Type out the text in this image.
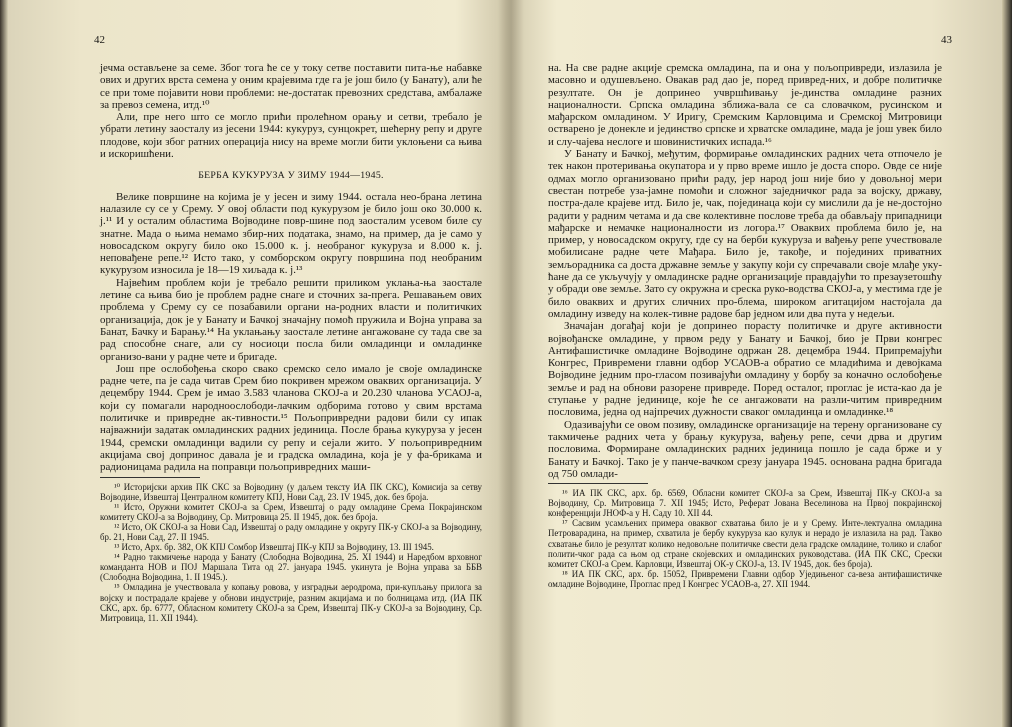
42

јечма остављене за семе. Због тога ће се у току сетве поставити пита-ње набавке ових и других врста семена у оним крајевима где га је још било (у Банату), али ће се при томе појавити нови проблеми: не-достатак превозних средстава, амбалаже за превоз семена, итд.¹⁰

Али, пре него што се могло прићи пролећном орању и сетви, требало је убрати летину заосталу из јесени 1944: кукуруз, сунцокрет, шећерну репу и друге плодове, који због ратних операција нису на време могли бити уклоњени са њива и искоришћени.

БЕРБА КУКУРУЗА У ЗИМУ 1944—1945.

Велике површине на којима је у јесен и зиму 1944. остала нео-брана летина налазиле су се у Срему. У овој области под кукурузом је било још око 30.000 к. ј.¹¹ И у осталим областима Војводине повр-шине под заосталим усевом биле су знатне. Мада о њима немамо збир-них података, знамо, на пример, да је само у новосадском округу било око 15.000 к. ј. необраног кукуруза и 8.000 к. ј. неповађене репе.¹² Исто тако, у сомборском округу површина под необраним кукурузом износила је 18—19 хиљада к. ј.¹³

Највећим проблем који је требало решити приликом уклања-ња заостале летине са њива био је проблем радне снаге и сточних за-прега. Решавањем ових проблема у Срему су се позабавили органи на-родних власти и политичких организација, док је у Банату и Бачкој значајну помоћ пружила и Војна управа за Банат, Бачку и Барању.¹⁴ На уклањању заостале летине ангажоване су тада све за рад способне снаге, али су носиоци посла били омладинци и омладинке организо-вани у радне чете и бригаде.

Још пре ослобођења скоро свако сремско село имало је своје омладинске радне чете, па је сада читав Срем био покривен мрежом оваквих организација. У децембру 1944. Срем је имао 3.583 чланова СКОЈ-а и 20.230 чланова УСАОЈ-а, који су помагали народноослободи-лачким одборима готово у свим врстама политичке и привредне ак-тивности.¹⁵ Пољопривредни радови били су ипак најважнији задатак омладинских радних јединица. После брања кукуруза у јесен 1944, сремски омладинци вадили су репу и сејали жито. У пољопривредним акцијама свој допринос давала је и градска омладина, која је у фа-брикама и радионицама радила на поправци пољопривредних маши-

¹⁰ Историјски архив ПК СКС за Војводину (у даљем тексту ИА ПК СКС), Комисија за сетву Војводине, Извештај Централном комитету КПЈ, Нови Сад, 23. IV 1945, док. без броја.

¹¹ Исто, Оружни комитет СКОЈ-а за Срем, Извештај о раду омладине Срема Покрајинском комитету СКОЈ-а за Војводину, Ср. Митровица 25. II 1945, док. без броја.

¹² Исто, ОК СКОЈ-а за Нови Сад, Извештај о раду омладине у округу ПК-у СКОЈ-а за Војводину, бр. 21, Нови Сад, 27. II 1945.

¹³ Исто, Арх. бр. 382, ОК КПЈ Сомбор Извештај ПК-у КПЈ за Војводину, 13. III 1945.

¹⁴ Радно такмичење народа у Банату (Слободна Војводина, 25. XI 1944) и Наредбом врховног команданта НОВ и ПОЈ Маршала Тита од 27. јануара 1945. укинута је Војна управа за ББВ (Слободна Војводина, 1. II 1945.).

¹⁵ Омладина је учествовала у копању ровова, у изградњи аеродрома, при-купљању прилога за војску и пострадале крајеве у обнови индустрије, разним акцијама и по болницама итд. (ИА ПК СКС, арх. бр. 6777, Обласном комитету СКОЈ-а за Срем, Извештај ПК-у СКОЈ-а за Војводину, Ср. Митровица, 11. XII 1944).

43

на. На све радне акције сремска омладина, па и она у пољопривреди, излазила је масовно и одушевљено. Овакав рад дао је, поред привред-них, и добре политичке резултате. Он је допринео учвршћивању је-динства омладине разних националности. Српска омладина зближа-вала се са словачком, русинском и мађарском омладином. У Иригу, Сремским Карловцима и Сремској Митровици остварено је донекле и јединство српске и хрватске омладине, мада је још увек било и слу-чајева неслоге и шовинистичких испада.¹⁶

У Банату и Бачкој, међутим, формирање омладинских радних чета отпочело је тек након протеривања окупатора и у прво време ишло је доста споро. Овде се није одмах могло организовано прићи раду, јер народ још није био у довољној мери свестан потребе уза-јамне помоћи и сложног заједничког рада за војску, државу, постра-дале крајеве итд. Било је, чак, појединаца који су мислили да је не-достојно радити у радним четама и да све колективне послове треба да обављају припадници мађарске и немачке националности из логора.¹⁷ Оваквих проблема било је, на пример, у новосадском округу, где су на берби кукуруза и вађењу репе учествовале мобилисане радне чете Мађара. Било је, такође, и појединих приватних земљорадника са доста државне земље у закупу који су спречавали своје млађе уку-ћане да се укључују у омладинске радне организације правдајући то презаузетошћу у обради ове земље. Зато су окружна и среска руко-водства СКОЈ-а, у местима где је било оваквих и других сличних про-блема, широком агитацијом настојала да омладину изведу на колек-тивне радове бар једном или два пута у недељи.

Значајан догађај који је допринео порасту политичке и друге активности војвођанске омладине, у првом реду у Банату и Бачкој, био је Први конгрес Антифашистичке омладине Војводине одржан 28. децембра 1944. Припремајући Конгрес, Привремени главни одбор УСАОВ-а обратио се младићима и девојкама Војводине једним про-гласом позивајући омладину у борбу за коначно ослобођење земље и рад на обнови разорене привреде. Поред осталог, проглас је иста-као да је ступање у радне јединице, које ће се ангажовати на разли-читим привредним пословима, једна од најпречих дужности сваког омладинца и омладинке.¹⁸

Одазивајући се овом позиву, омладинске организације на терену организоване су такмичење радних чета у брању кукуруза, вађењу репе, сечи дрва и другим пословима. Формиране омладинских радних јединица пошло је сада брже и у Банату и Бачкој. Тако је у панче-вачком срезу јануара 1945. основана радна бригада од 750 омлади-

¹⁶ ИА ПК СКС, арх. бр. 6569, Обласни комитет СКОЈ-а за Срем, Извештај ПК-у СКОЈ-а за Војводину, Ср. Митровица 7. XII 1945; Исто, Реферат Јована Веселинова на Првој покрајинској конференцији ЈНОФ-а у Н. Саду 10. XII 44.

¹⁷ Сасвим усамљених примера оваквог схватања било је и у Срему. Инте-лектуална омладина Петроварадина, на пример, схватила је бербу кукуруза као кулук и нерадо је излазила на рад. Такво схватање било је резултат колико недовољне политичке свести дела градске омладине, толико и слабог полити-чког рада са њом од стране скојевских и омладинских руководстава. (ИА ПК СКС, Срески комитет СКОЈ-а Срем. Карловци, Извештај ОК-у СКОЈ-а, 13. IV 1945, док. без броја).

¹⁸ ИА ПК СКС, арх. бр. 15052, Привремени Главни одбор Уједињеног са-веза антифашистичке омладине Војводине, Проглас пред I Конгрес УСАОВ-а, 27. XII 1944.
